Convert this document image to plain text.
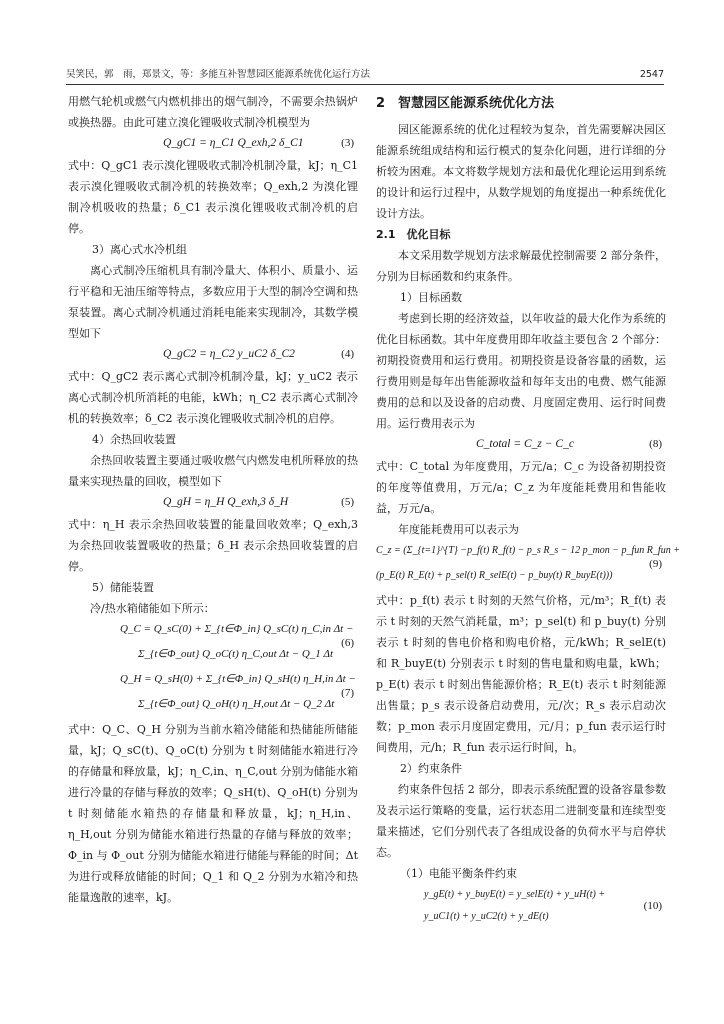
吴笑民，郭　雨，郑景文，等：多能互补智慧园区能源系统优化运行方法	2547

用燃气轮机或燃气内燃机排出的烟气制冷，不需要余热锅炉或换热器。由此可建立溴化锂吸收式制冷机模型为

Q_gC1 = η_C1 Q_exh,2 δ_C1	(3)

式中：Q_gC1 表示溴化锂吸收式制冷机制冷量，kJ；η_C1 表示溴化锂吸收式制冷机的转换效率；Q_exh,2 为溴化锂制冷机吸收的热量；δ_C1 表示溴化锂吸收式制冷机的启停。

3）离心式水冷机组

离心式制冷压缩机具有制冷量大、体积小、质量小、运行平稳和无油压缩等特点，多数应用于大型的制冷空调和热泵装置。离心式制冷机通过消耗电能来实现制冷，其数学模型如下

Q_gC2 = η_C2 y_uC2 δ_C2	(4)

式中：Q_gC2 表示离心式制冷机制冷量，kJ；y_uC2 表示离心式制冷机所消耗的电能，kWh；η_C2 表示离心式制冷机的转换效率；δ_C2 表示溴化锂吸收式制冷机的启停。

4）余热回收装置

余热回收装置主要通过吸收燃气内燃发电机所释放的热量来实现热量的回收，模型如下

Q_gH = η_H Q_exh,3 δ_H	(5)

式中：η_H 表示余热回收装置的能量回收效率；Q_exh,3 为余热回收装置吸收的热量；δ_H 表示余热回收装置的启停。

5）储能装置

冷/热水箱储能如下所示：

Q_C = Q_sC(0) + Σ_{t∈Φ_in} Q_sC(t) η_C,in Δt −
Σ_{t∈Φ_out} Q_oC(t) η_C,out Δt − Q_1 Δt
(6)
Q_H = Q_sH(0) + Σ_{t∈Φ_in} Q_sH(t) η_H,in Δt −
Σ_{t∈Φ_out} Q_oH(t) η_H,out Δt − Q_2 Δt
(7)

式中：Q_C、Q_H 分别为当前水箱冷储能和热储能所储能量，kJ；Q_sC(t)、Q_oC(t) 分别为 t 时刻储能水箱进行冷的存储量和释放量，kJ；η_C,in、η_C,out 分别为储能水箱进行冷量的存储与释放的效率；Q_sH(t)、Q_oH(t) 分别为 t 时刻储能水箱热的存储量和释放量，kJ；η_H,in、η_H,out 分别为储能水箱进行热量的存储与释放的效率；Φ_in 与 Φ_out 分别为储能水箱进行储能与释能的时间；Δt 为进行或释放储能的时间；Q_1 和 Q_2 分别为水箱冷和热能量逸散的速率，kJ。

2　智慧园区能源系统优化方法

园区能源系统的优化过程较为复杂，首先需要解决园区能源系统组成结构和运行模式的复杂化问题，进行详细的分析较为困难。本文将数学规划方法和最优化理论运用到系统的设计和运行过程中，从数学规划的角度提出一种系统优化设计方法。

2.1　优化目标

本文采用数学规划方法求解最优控制需要 2 部分条件，分别为目标函数和约束条件。

1）目标函数

考虑到长期的经济效益，以年收益的最大化作为系统的优化目标函数。其中年度费用即年收益主要包含 2 个部分：初期投资费用和运行费用。初期投资是设备容量的函数，运行费用则是每年出售能源收益和每年支出的电费、燃气能源费用的总和以及设备的启动费、月度固定费用、运行时间费用。运行费用表示为

C_total = C_z − C_c	(8)

式中：C_total 为年度费用，万元/a；C_c 为设备初期投资的年度等值费用，万元/a；C_z 为年度能耗费用和售能收益，万元/a。

年度能耗费用可以表示为

C_z = (Σ_{t=1}^{T} −p_f(t) R_f(t) − p_s R_s − 12 p_mon − p_fun R_fun +
(p_E(t) R_E(t) + p_sel(t) R_selE(t) − p_buy(t) R_buyE(t)))
(9)

式中：p_f(t) 表示 t 时刻的天然气价格，元/m³；R_f(t) 表示 t 时刻的天然气消耗量，m³；p_sel(t) 和 p_buy(t) 分别表示 t 时刻的售电价格和购电价格，元/kWh；R_selE(t) 和 R_buyE(t) 分别表示 t 时刻的售电量和购电量，kWh；p_E(t) 表示 t 时刻出售能源价格；R_E(t) 表示 t 时刻能源出售量；p_s 表示设备启动费用，元/次；R_s 表示启动次数；p_mon 表示月度固定费用，元/月；p_fun 表示运行时间费用，元/h；R_fun 表示运行时间，h。

2）约束条件

约束条件包括 2 部分，即表示系统配置的设备容量参数及表示运行策略的变量，运行状态用二进制变量和连续型变量来描述，它们分别代表了各组成设备的负荷水平与启停状态。

（1）电能平衡条件约束

y_gE(t) + y_buyE(t) = y_selE(t) + y_uH(t) +
y_uC1(t) + y_uC2(t) + y_dE(t)
(10)
